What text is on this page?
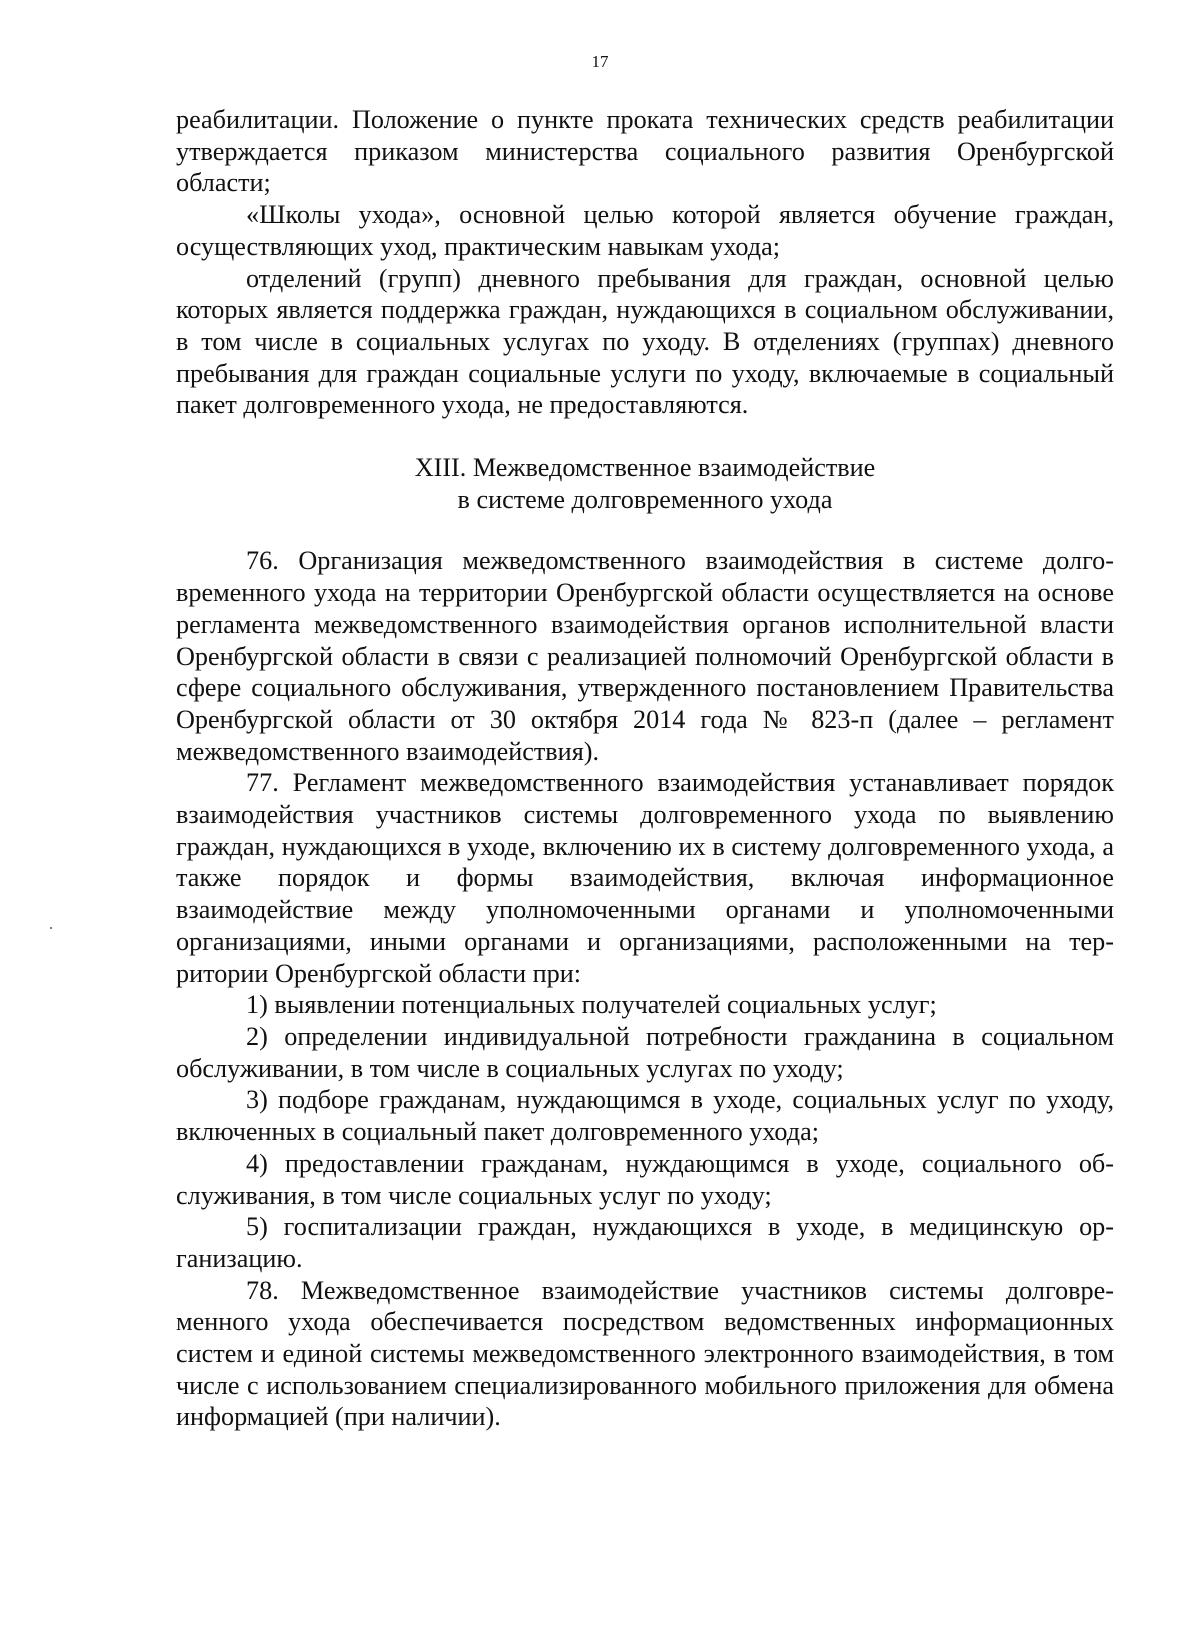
17

реабилитации. Положение о пункте проката технических средств реабилитации утверждается приказом министерства социального развития Оренбургской области;

«Школы ухода», основной целью которой является обучение граждан, осуществляющих уход, практическим навыкам ухода;

отделений (групп) дневного пребывания для граждан, основной целью которых является поддержка граждан, нуждающихся в социальном обслуживании, в том числе в социальных услугах по уходу. В отделениях (группах) дневного пребывания для граждан социальные услуги по уходу, включаемые в социальный пакет долговременного ухода, не предоставляются.

XIII. Межведомственное взаимодействие
в системе долговременного ухода

76. Организация межведомственного взаимодействия в системе долговременного ухода на территории Оренбургской области осуществляется на основе регламента межведомственного взаимодействия органов исполнительной власти Оренбургской области в связи с реализацией полномочий Оренбургской области в сфере социального обслуживания, утвержденного постановлением Правительства Оренбургской области от 30 октября 2014 года № 823-п (далее – регламент межведомственного взаимодействия).

77. Регламент межведомственного взаимодействия устанавливает порядок взаимодействия участников системы долговременного ухода по выявлению граждан, нуждающихся в уходе, включению их в систему долговременного ухода, а также порядок и формы взаимодействия, включая информационное взаимодействие между уполномоченными органами и уполномоченными организациями, иными органами и организациями, расположенными на территории Оренбургской области при:

1) выявлении потенциальных получателей социальных услуг;

2) определении индивидуальной потребности гражданина в социальном обслуживании, в том числе в социальных услугах по уходу;

3) подборе гражданам, нуждающимся в уходе, социальных услуг по уходу, включенных в социальный пакет долговременного ухода;

4) предоставлении гражданам, нуждающимся в уходе, социального обслуживания, в том числе социальных услуг по уходу;

5) госпитализации граждан, нуждающихся в уходе, в медицинскую организацию.

78. Межведомственное взаимодействие участников системы долговременного ухода обеспечивается посредством ведомственных информационных систем и единой системы межведомственного электронного взаимодействия, в том числе с использованием специализированного мобильного приложения для обмена информацией (при наличии).
